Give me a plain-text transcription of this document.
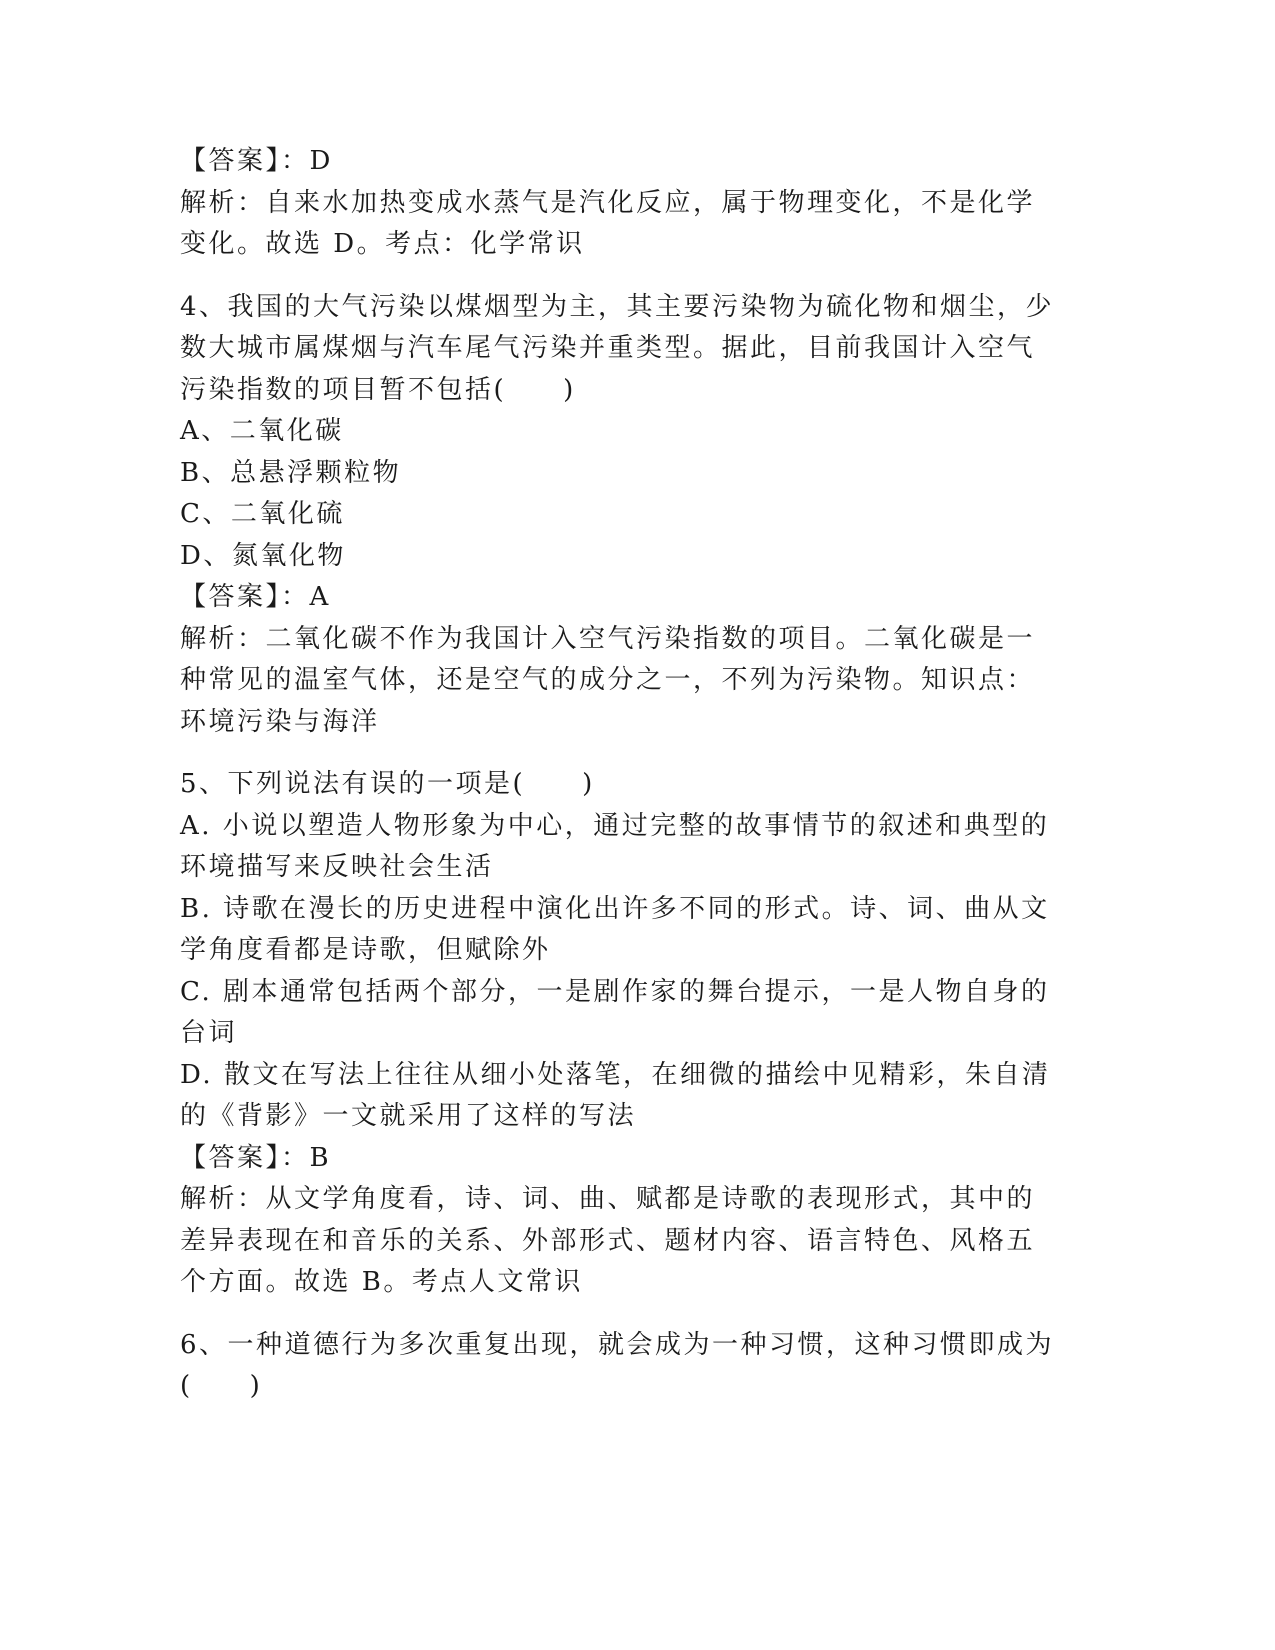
【答案】：D
解析：自来水加热变成水蒸气是汽化反应，属于物理变化，不是化学
变化。故选 D。考点：化学常识
4、我国的大气污染以煤烟型为主，其主要污染物为硫化物和烟尘，少
数大城市属煤烟与汽车尾气污染并重类型。据此，目前我国计入空气
污染指数的项目暂不包括(　　)
A、二氧化碳
B、总悬浮颗粒物
C、二氧化硫
D、氮氧化物
【答案】：A
解析：二氧化碳不作为我国计入空气污染指数的项目。二氧化碳是一
种常见的温室气体，还是空气的成分之一，不列为污染物。知识点：
环境污染与海洋
5、下列说法有误的一项是(　　)
A. 小说以塑造人物形象为中心，通过完整的故事情节的叙述和典型的
环境描写来反映社会生活
B. 诗歌在漫长的历史进程中演化出许多不同的形式。诗、词、曲从文
学角度看都是诗歌，但赋除外
C. 剧本通常包括两个部分，一是剧作家的舞台提示，一是人物自身的
台词
D. 散文在写法上往往从细小处落笔，在细微的描绘中见精彩，朱自清
的《背影》一文就采用了这样的写法
【答案】：B
解析：从文学角度看，诗、词、曲、赋都是诗歌的表现形式，其中的
差异表现在和音乐的关系、外部形式、题材内容、语言特色、风格五
个方面。故选 B。考点人文常识
6、一种道德行为多次重复出现，就会成为一种习惯，这种习惯即成为
(　　)
